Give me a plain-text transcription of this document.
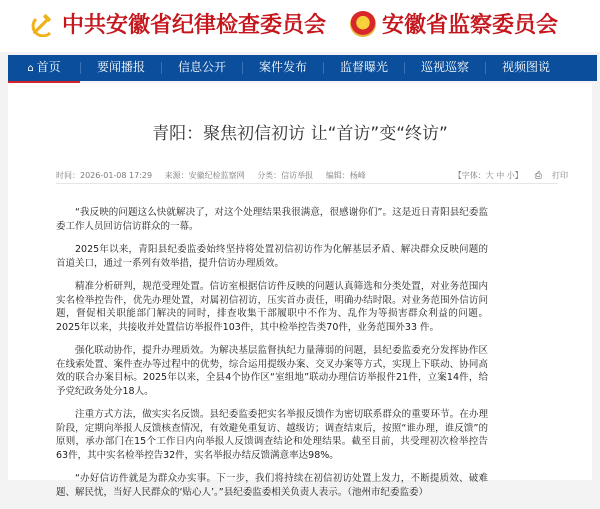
中共安徽省纪律检查委员会	安徽省监察委员会
⌂ 首页	要闻播报	信息公开	案件发布	监督曝光	巡视巡察	视频图说
青阳：聚焦初信初访 让“首访”变“终访”
时间：2026-01-08 17:29 来源：安徽纪检监察网 分类：信访举报 编辑：杨峰	【字体：大 中 小】 ⎙ 打印

“我反映的问题这么快就解决了，对这个处理结果我很满意，很感谢你们”。这是近日青阳县纪委监委工作人员回访信访群众的一幕。

2025年以来，青阳县纪委监委始终坚持将处置初信初访作为化解基层矛盾、解决群众反映问题的首道关口，通过一系列有效举措，提升信访办理质效。

精准分析研判，规范受理处置。信访室根据信访件反映的问题认真筛选和分类处置，对业务范围内实名检举控告件，优先办理处置，对属初信初访，压实首办责任，明确办结时限。对业务范围外信访问题，督促相关职能部门解决的同时，排查收集干部履职中不作为、乱作为等损害群众利益的问题。2025年以来，共接收并处置信访举报件103件，其中检举控告类70件，业务范围外33 件。

强化联动协作，提升办理质效。为解决基层监督执纪力量薄弱的问题，县纪委监委充分发挥协作区在线索处置、案件查办等过程中的优势，综合运用提级办案、交叉办案等方式，实现上下联动、协同高效的联合办案目标。2025年以来，全县4个协作区“室组地”联动办理信访举报件21件，立案14件，给予党纪政务处分18人。

注重方式方法，做实实名反馈。县纪委监委把实名举报反馈作为密切联系群众的重要环节。在办理阶段，定期向举报人反馈核查情况，有效避免重复访、越级访；调查结束后，按照“谁办理，谁反馈”的原则，承办部门在15个工作日内向举报人反馈调查结论和处理结果。截至目前，共受理初次检举控告63件，其中实名检举控告32件，实名举报办结反馈满意率达98%。

“办好信访件就是为群众办实事。下一步，我们将持续在初信初访处置上发力，不断提质效、破难题、解民忧，当好人民群众的‘贴心人’。”县纪委监委相关负责人表示。（池州市纪委监委）
